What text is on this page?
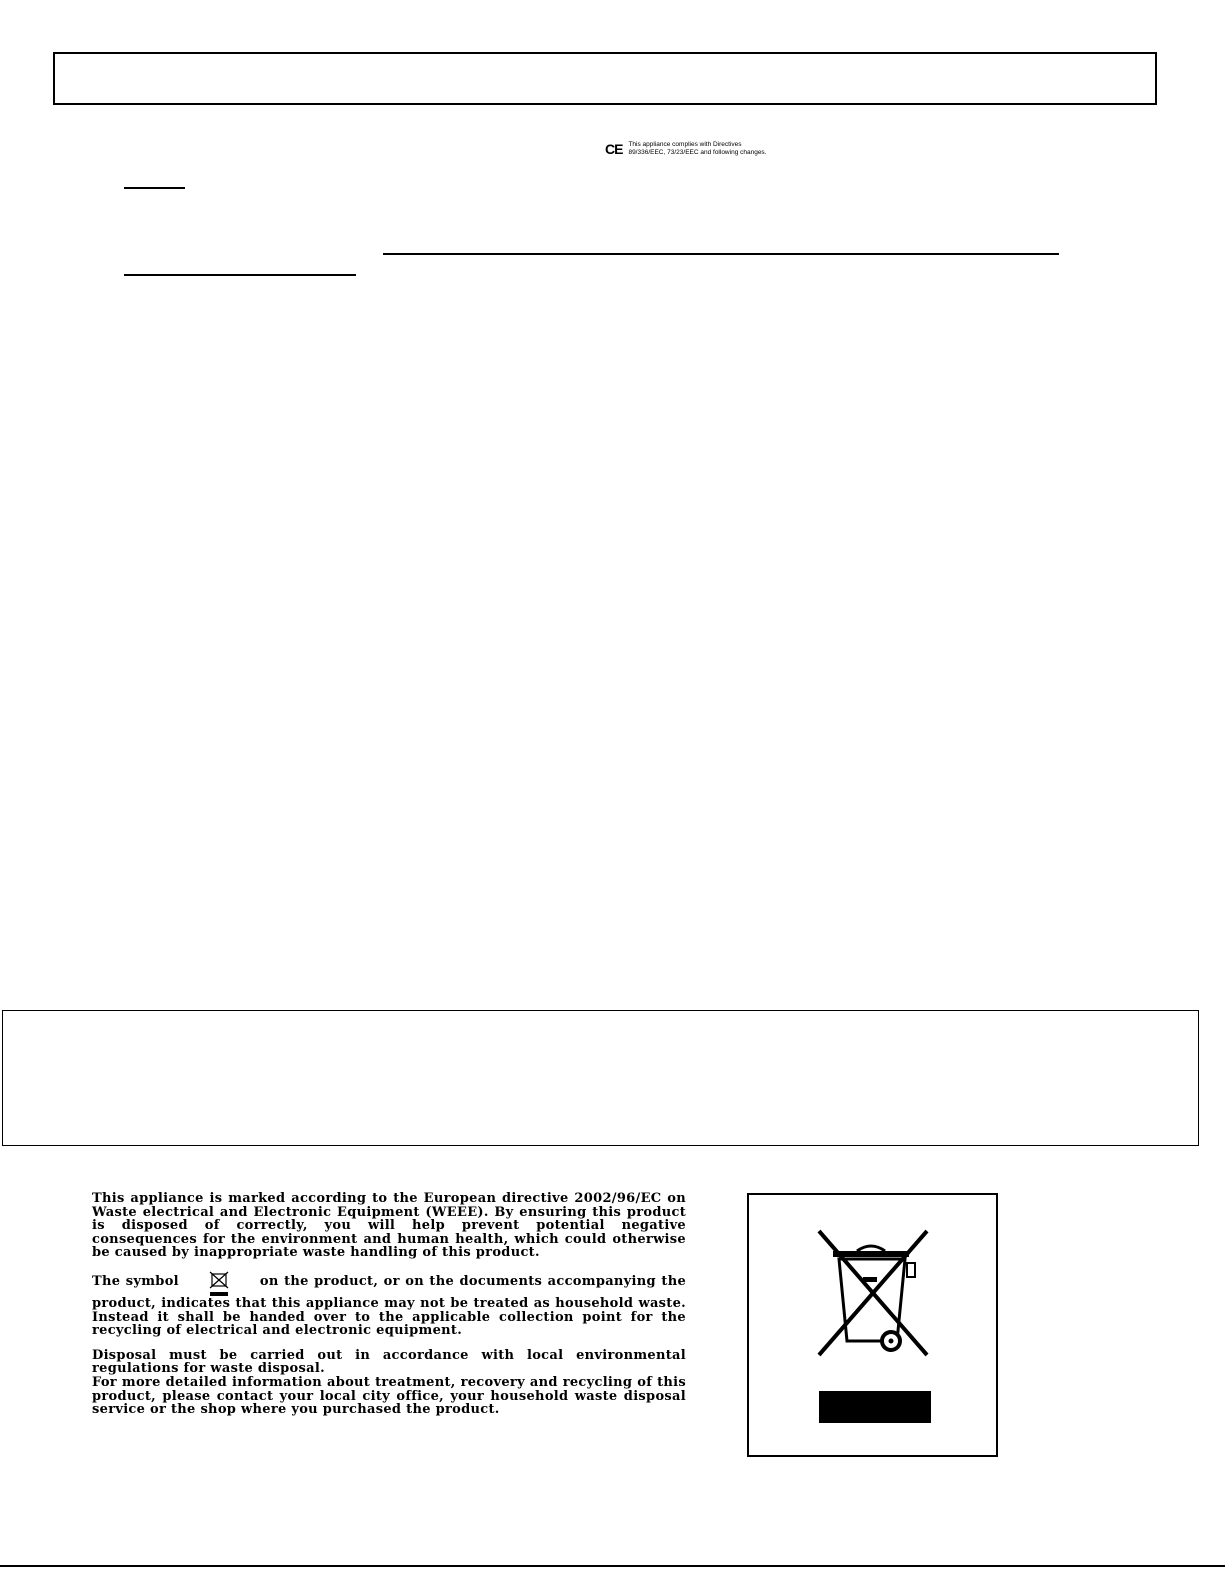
CE This appliance complies with Directives
89/336/EEC, 73/23/EEC and following changes.

This appliance is marked according to the European directive 2002/96/EC on Waste electrical and Electronic Equipment (WEEE). By ensuring this product is disposed of correctly, you will help prevent potential negative consequences for the environment and human health, which could otherwise be caused by inappropriate waste handling of this product.

The symbol	on the product, or on the documents accompanying the product, indicates that this appliance may not be treated as household waste. Instead it shall be handed over to the applicable collection point for the recycling of electrical and electronic equipment.

Disposal must be carried out in accordance with local environmental regulations for waste disposal.

For more detailed information about treatment, recovery and recycling of this product, please contact your local city office, your household waste disposal service or the shop where you purchased the product.
